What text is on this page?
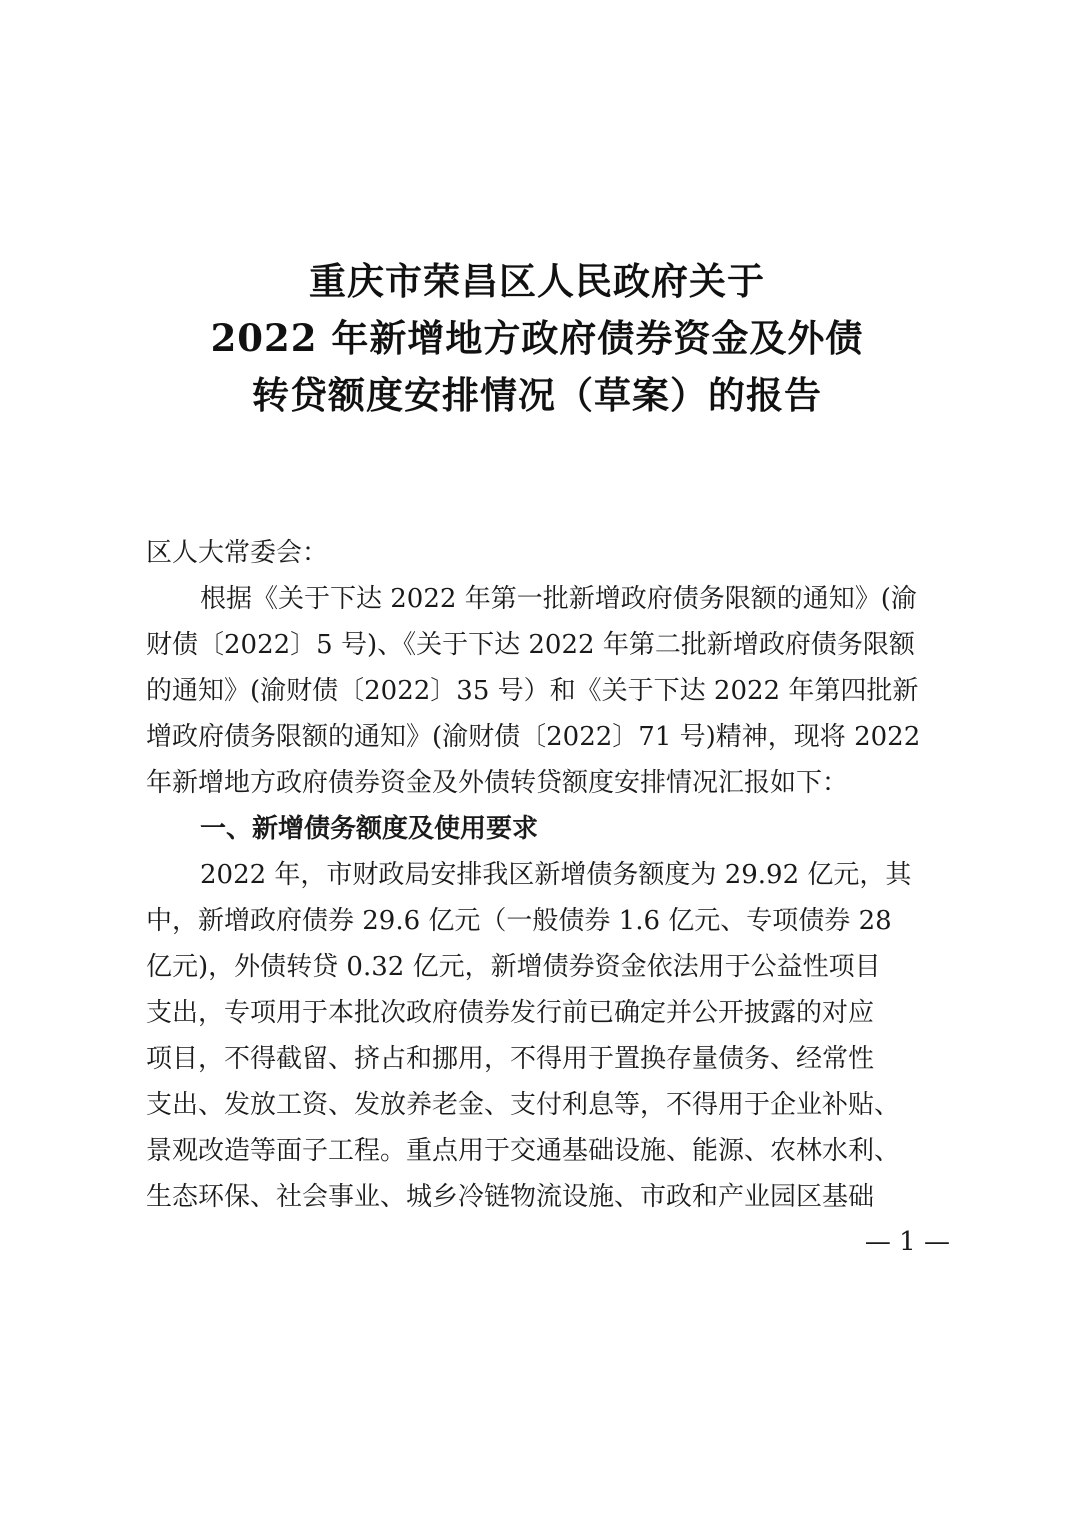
重庆市荣昌区人民政府关于
2022 年新增地方政府债券资金及外债
转贷额度安排情况（草案）的报告
区人大常委会：
根据《关于下达 2022 年第一批新增政府债务限额的通知》(渝
财债〔2022〕5 号)、《关于下达 2022 年第二批新增政府债务限额
的通知》(渝财债〔2022〕35 号）和《关于下达 2022 年第四批新
增政府债务限额的通知》(渝财债〔2022〕71 号)精神，现将 2022
年新增地方政府债券资金及外债转贷额度安排情况汇报如下：
一、新增债务额度及使用要求
2022 年，市财政局安排我区新增债务额度为 29.92 亿元，其
中，新增政府债券 29.6 亿元（一般债券 1.6 亿元、专项债券 28
亿元)，外债转贷 0.32 亿元，新增债券资金依法用于公益性项目
支出，专项用于本批次政府债券发行前已确定并公开披露的对应
项目，不得截留、挤占和挪用，不得用于置换存量债务、经常性
支出、发放工资、发放养老金、支付利息等，不得用于企业补贴、
景观改造等面子工程。重点用于交通基础设施、能源、农林水利、
生态环保、社会事业、城乡冷链物流设施、市政和产业园区基础
— 1 —
